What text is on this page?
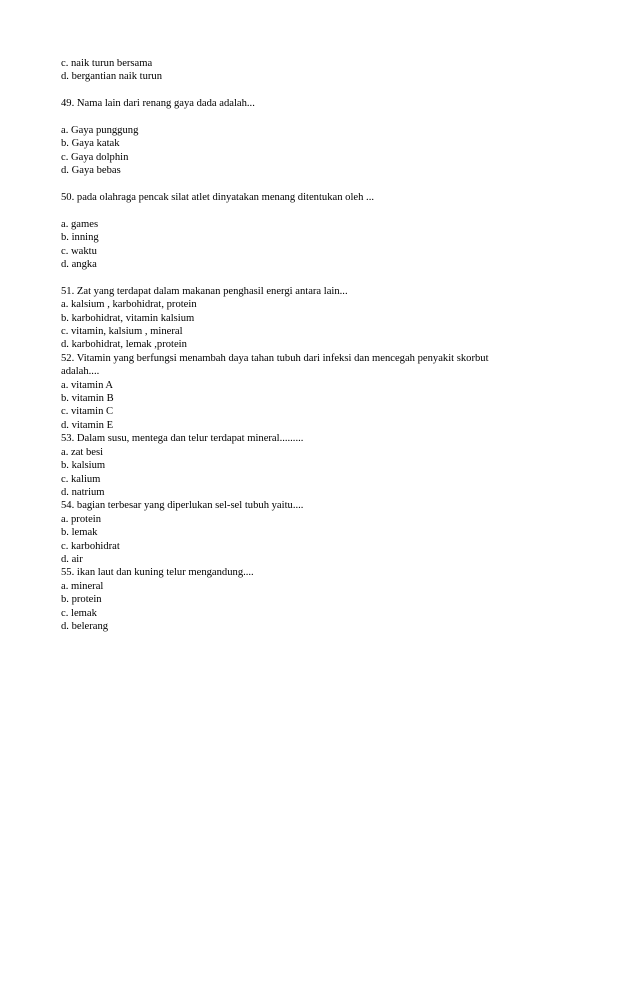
c. naik turun bersama
d. bergantian naik turun
49. Nama lain dari renang gaya dada adalah...
a. Gaya punggung
b. Gaya katak
c. Gaya dolphin
d. Gaya bebas
50. pada olahraga pencak silat atlet dinyatakan menang ditentukan oleh ...
a. games
b. inning
c. waktu
d. angka
51. Zat yang terdapat dalam makanan penghasil energi antara lain...
a. kalsium , karbohidrat, protein
b. karbohidrat, vitamin kalsium
c. vitamin, kalsium , mineral
d. karbohidrat, lemak ,protein
52. Vitamin yang berfungsi menambah daya tahan tubuh dari infeksi dan mencegah penyakit skorbut
adalah....
a. vitamin A
b. vitamin B
c. vitamin C
d. vitamin E
53. Dalam susu, mentega dan telur terdapat mineral.........
a. zat besi
b. kalsium
c. kalium
d. natrium
54. bagian terbesar yang diperlukan sel-sel tubuh yaitu....
a. protein
b. lemak
c. karbohidrat
d. air
55. ikan laut dan kuning telur mengandung....
a. mineral
b. protein
c. lemak
d. belerang
